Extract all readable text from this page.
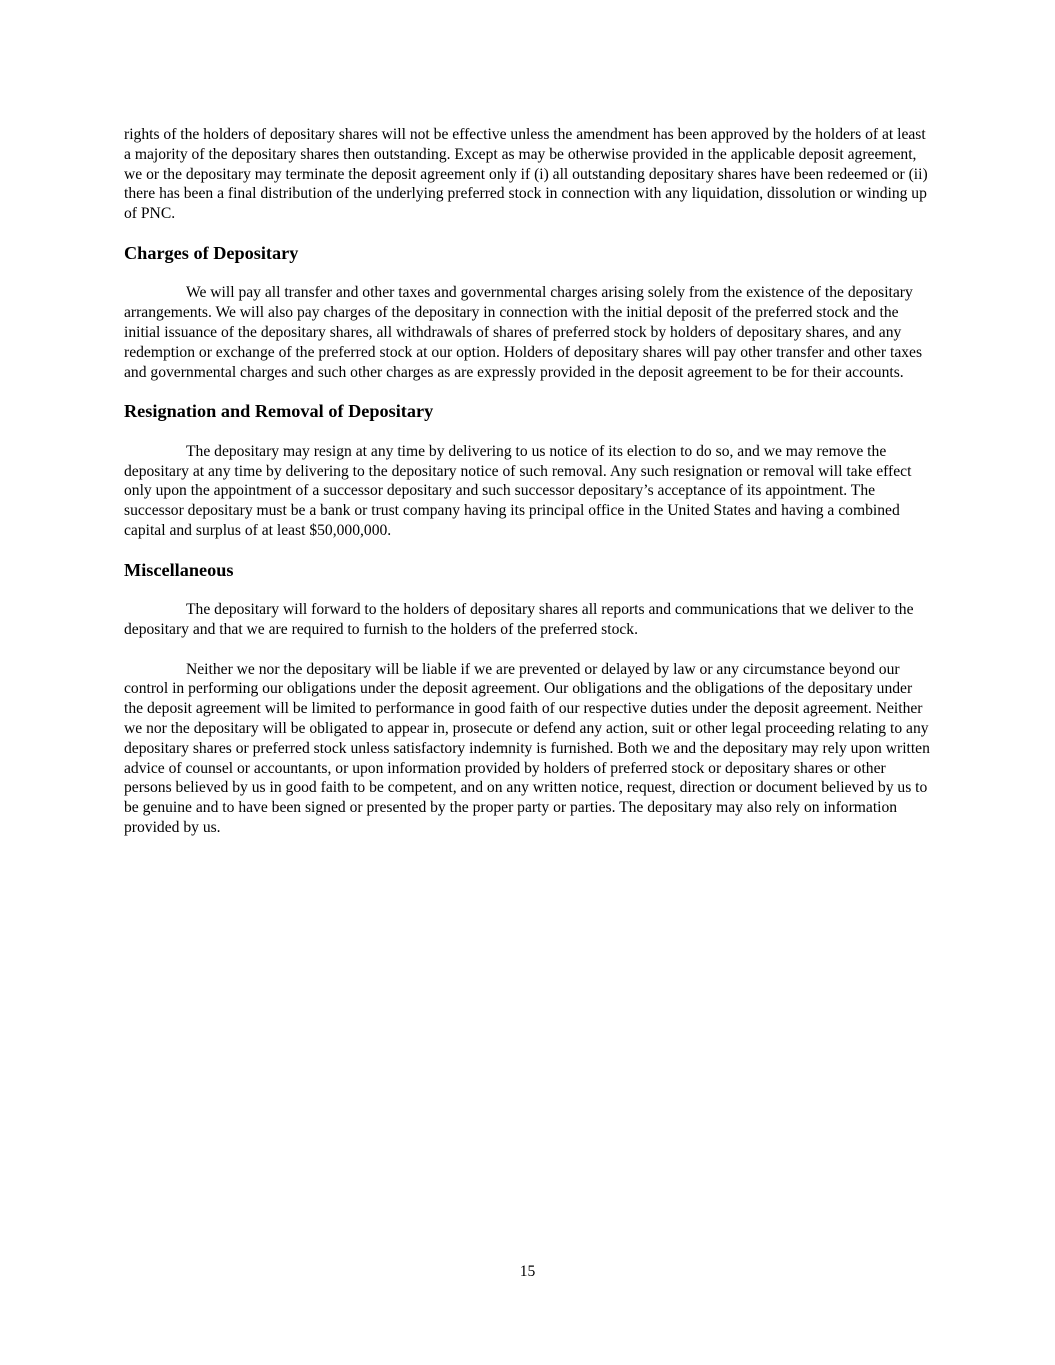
rights of the holders of depositary shares will not be effective unless the amendment has been approved by the holders of at least a majority of the depositary shares then outstanding. Except as may be otherwise provided in the applicable deposit agreement, we or the depositary may terminate the deposit agreement only if (i) all outstanding depositary shares have been redeemed or (ii) there has been a final distribution of the underlying preferred stock in connection with any liquidation, dissolution or winding up of PNC.

Charges of Depositary

We will pay all transfer and other taxes and governmental charges arising solely from the existence of the depositary arrangements. We will also pay charges of the depositary in connection with the initial deposit of the preferred stock and the initial issuance of the depositary shares, all withdrawals of shares of preferred stock by holders of depositary shares, and any redemption or exchange of the preferred stock at our option. Holders of depositary shares will pay other transfer and other taxes and governmental charges and such other charges as are expressly provided in the deposit agreement to be for their accounts.

Resignation and Removal of Depositary

The depositary may resign at any time by delivering to us notice of its election to do so, and we may remove the depositary at any time by delivering to the depositary notice of such removal. Any such resignation or removal will take effect only upon the appointment of a successor depositary and such successor depositary’s acceptance of its appointment. The successor depositary must be a bank or trust company having its principal office in the United States and having a combined capital and surplus of at least $50,000,000.

Miscellaneous

The depositary will forward to the holders of depositary shares all reports and communications that we deliver to the depositary and that we are required to furnish to the holders of the preferred stock.

Neither we nor the depositary will be liable if we are prevented or delayed by law or any circumstance beyond our control in performing our obligations under the deposit agreement. Our obligations and the obligations of the depositary under the deposit agreement will be limited to performance in good faith of our respective duties under the deposit agreement. Neither we nor the depositary will be obligated to appear in, prosecute or defend any action, suit or other legal proceeding relating to any depositary shares or preferred stock unless satisfactory indemnity is furnished. Both we and the depositary may rely upon written advice of counsel or accountants, or upon information provided by holders of preferred stock or depositary shares or other persons believed by us in good faith to be competent, and on any written notice, request, direction or document believed by us to be genuine and to have been signed or presented by the proper party or parties. The depositary may also rely on information provided by us.

15
